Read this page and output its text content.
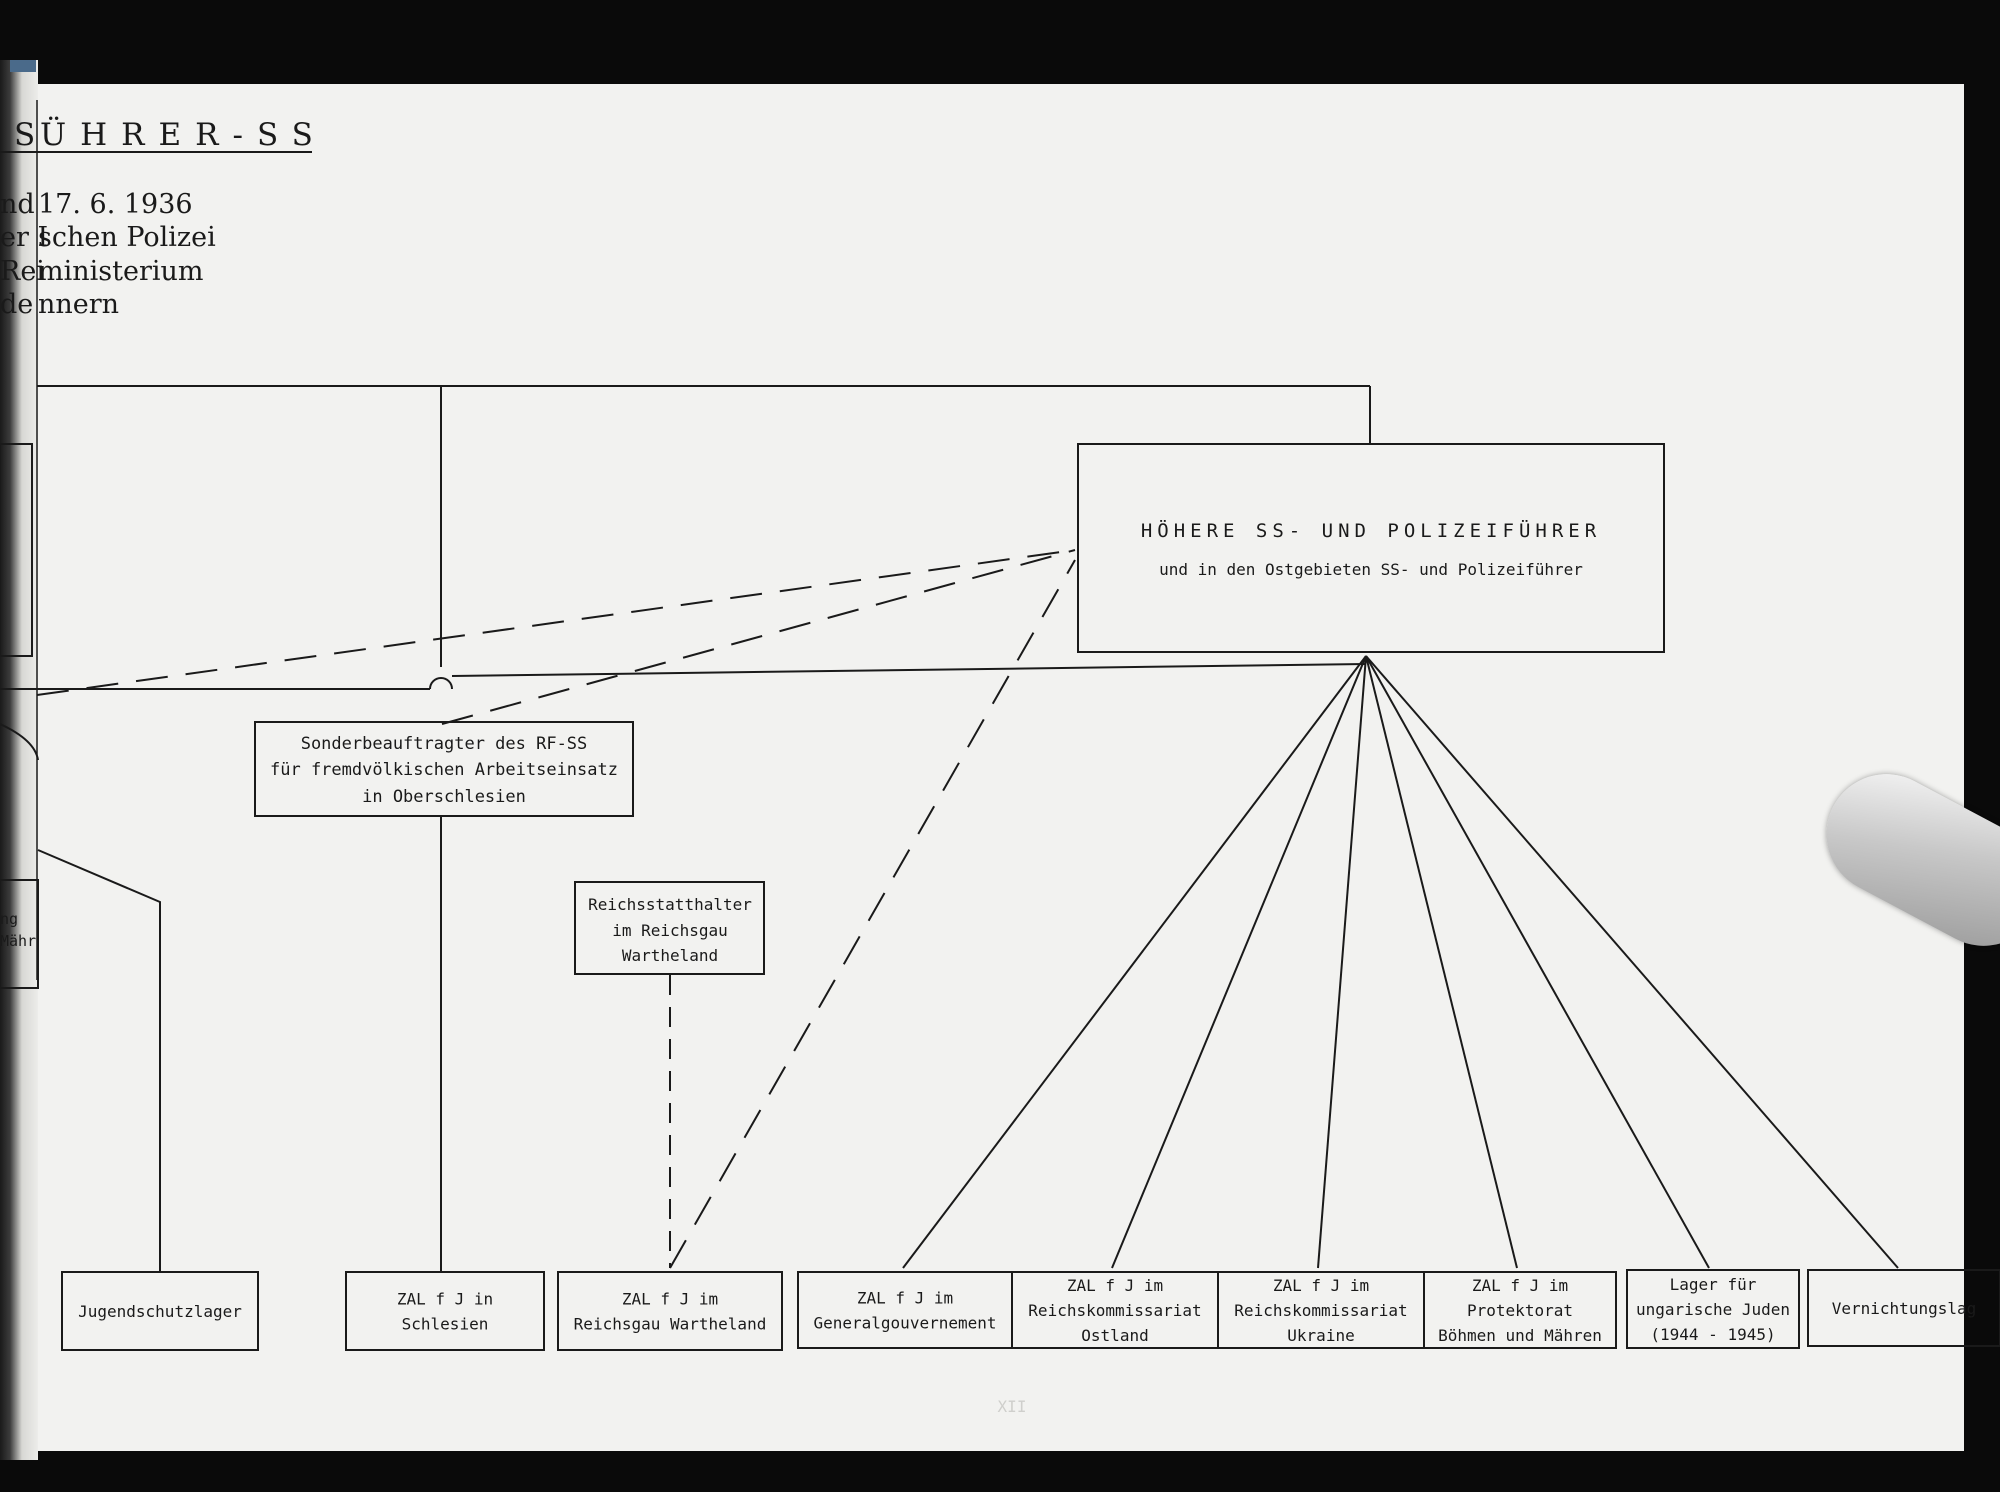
S
ÜHRER-SS
nd 17. 6. 1936
er I
schen Polizei
Rei
ministerium
de nnern
HÖHERE SS- UND POLIZEIFÜHRER
und in den Ostgebieten SS- und Polizeiführer
Sonderbeauftragter des RF-SS
für fremdvölkischen Arbeitseinsatz
in Oberschlesien
Reichsstatthalter
im Reichsgau
Wartheland
ng
Mähr
XII
Jugendschutzlager
ZAL f J in
Schlesien
ZAL f J im
Reichsgau Wartheland
ZAL f J im
Generalgouvernement
ZAL f J im
Reichskommissariat
Ostland
ZAL f J im
Reichskommissariat
Ukraine
ZAL f J im
Protektorat
Böhmen und Mähren
Lager für
ungarische Juden
(1944 - 1945)
Vernichtungslag
